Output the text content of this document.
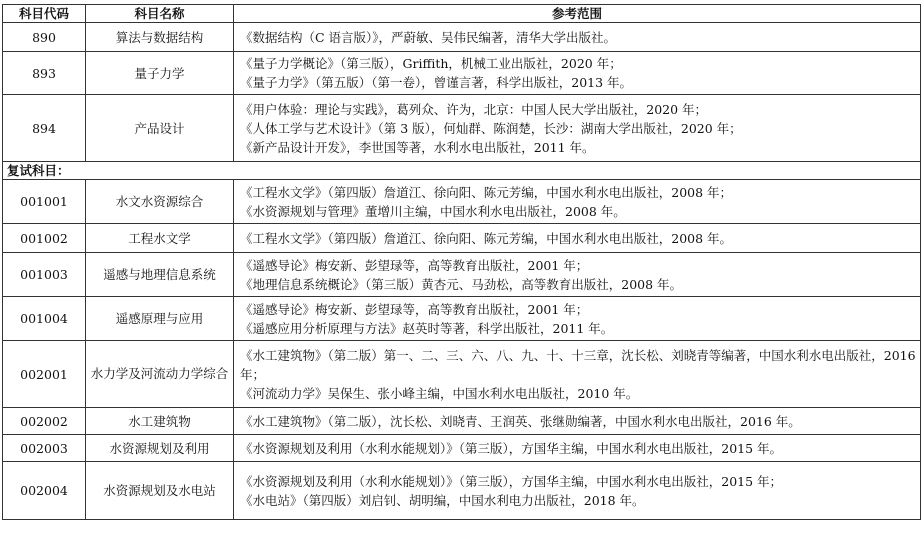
科目代码	科目名称	参考范围
890	算法与数据结构	《数据结构（C 语言版）》，严蔚敏、吴伟民编著，清华大学出版社。

893	量子力学	《量子力学概论》（第三版），Griffith，机械工业出版社，2020 年；
《量子力学》（第五版）（第一卷），曾谨言著，科学出版社，2013 年。

894	产品设计	《用户体验：理论与实践》，葛列众、许为，北京：中国人民大学出版社，2020 年；
《人体工学与艺术设计》（第 3 版），何灿群、陈润楚，长沙：湖南大学出版社，2020 年；
《新产品设计开发》，李世国等著，水利水电出版社，2011 年。

复试科目：		
001001	水文水资源综合	《工程水文学》（第四版）詹道江、徐向阳、陈元芳编，中国水利水电出版社，2008 年；
《水资源规划与管理》董增川主编，中国水利水电出版社，2008 年。

001002	工程水文学	《工程水文学》（第四版）詹道江、徐向阳、陈元芳编，中国水利水电出版社，2008 年。

001003	遥感与地理信息系统	《遥感导论》梅安新、彭望琭等，高等教育出版社，2001 年；
《地理信息系统概论》（第三版）黄杏元、马劲松，高等教育出版社，2008 年。

001004	遥感原理与应用	《遥感导论》梅安新、彭望琭等，高等教育出版社，2001 年；
《遥感应用分析原理与方法》赵英时等著，科学出版社，2011 年。

002001	水力学及河流动力学综合	《水工建筑物》（第二版）第一、二、三、六、八、九、十、十三章，沈长松、刘晓青等编著，中国水利水电出版社，2016 年；
《河流动力学》吴保生、张小峰主编，中国水利水电出版社，2010 年。

002002	水工建筑物	《水工建筑物》（第二版），沈长松、刘晓青、王润英、张继勋编著，中国水利水电出版社，2016 年。

002003	水资源规划及利用	《水资源规划及利用（水利水能规划）》（第三版），方国华主编，中国水利水电出版社，2015 年。

002004	水资源规划及水电站	《水资源规划及利用（水利水能规划）》（第三版），方国华主编，中国水利水电出版社，2015 年；
《水电站》（第四版）刘启钊、胡明编，中国水利电力出版社，2018 年。
